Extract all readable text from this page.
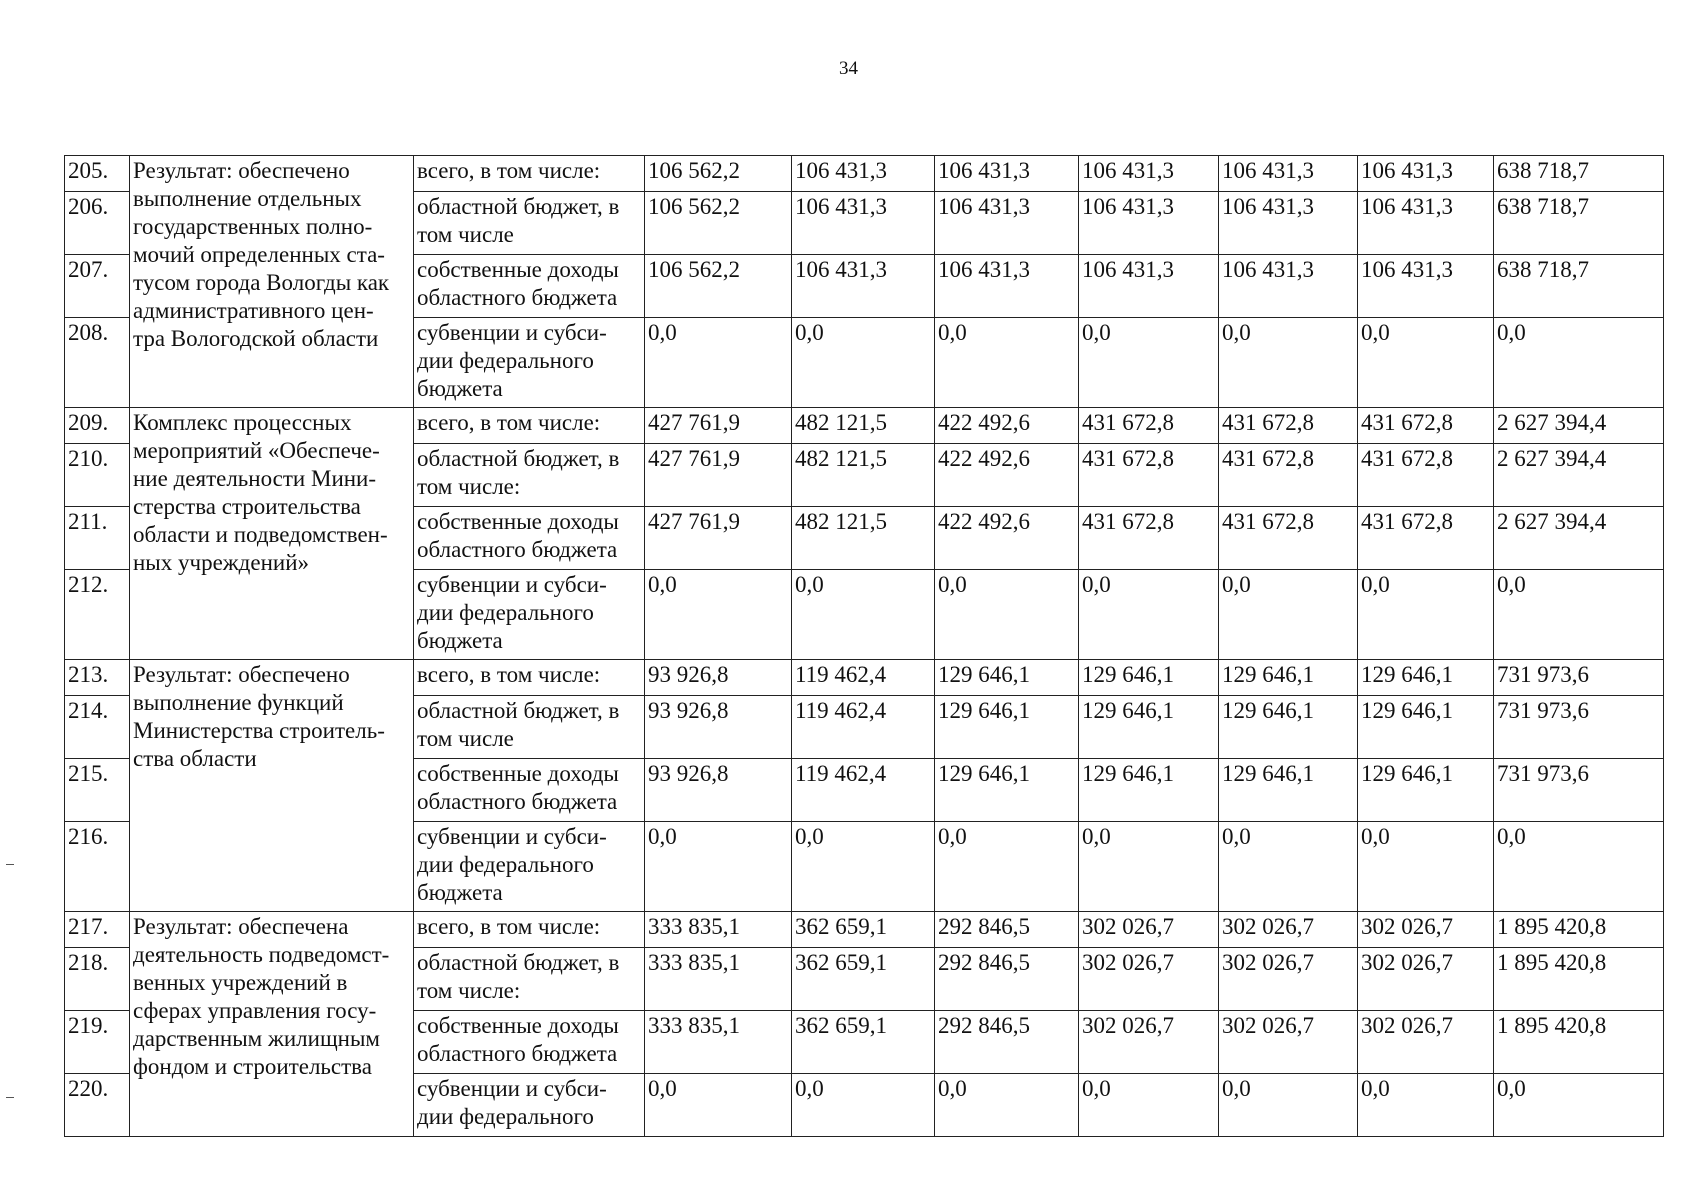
34
205.	Результат: обеспечено выполнение отдельных государственных полно- мочий определенных ста- тусом города Вологды как административного цен- тра Вологодской области	всего, в том числе:	106 562,2	106 431,3	106 431,3	106 431,3	106 431,3	106 431,3	638 718,7
206.		областной бюджет, в том числе	106 562,2	106 431,3	106 431,3	106 431,3	106 431,3	106 431,3	638 718,7
207.		собственные доходы областного бюджета	106 562,2	106 431,3	106 431,3	106 431,3	106 431,3	106 431,3	638 718,7
208.		субвенции и субси- дии федерального бюджета	0,0	0,0	0,0	0,0	0,0	0,0	0,0
209.	Комплекс процессных мероприятий «Обеспече- ние деятельности Мини- стерства строительства области и подведомствен- ных учреждений»	всего, в том числе:	427 761,9	482 121,5	422 492,6	431 672,8	431 672,8	431 672,8	2 627 394,4
210.		областной бюджет, в том числе:	427 761,9	482 121,5	422 492,6	431 672,8	431 672,8	431 672,8	2 627 394,4
211.		собственные доходы областного бюджета	427 761,9	482 121,5	422 492,6	431 672,8	431 672,8	431 672,8	2 627 394,4
212.		субвенции и субси- дии федерального бюджета	0,0	0,0	0,0	0,0	0,0	0,0	0,0
213.	Результат: обеспечено выполнение функций Министерства строитель- ства области	всего, в том числе:	93 926,8	119 462,4	129 646,1	129 646,1	129 646,1	129 646,1	731 973,6
214.		областной бюджет, в том числе	93 926,8	119 462,4	129 646,1	129 646,1	129 646,1	129 646,1	731 973,6
215.		собственные доходы областного бюджета	93 926,8	119 462,4	129 646,1	129 646,1	129 646,1	129 646,1	731 973,6
216.		субвенции и субси- дии федерального бюджета	0,0	0,0	0,0	0,0	0,0	0,0	0,0
217.	Результат: обеспечена деятельность подведомст- венных учреждений в сферах управления госу- дарственным жилищным фондом и строительства	всего, в том числе:	333 835,1	362 659,1	292 846,5	302 026,7	302 026,7	302 026,7	1 895 420,8
218.		областной бюджет, в том числе:	333 835,1	362 659,1	292 846,5	302 026,7	302 026,7	302 026,7	1 895 420,8
219.		собственные доходы областного бюджета	333 835,1	362 659,1	292 846,5	302 026,7	302 026,7	302 026,7	1 895 420,8
220.		субвенции и субси- дии федерального	0,0	0,0	0,0	0,0	0,0	0,0	0,0
